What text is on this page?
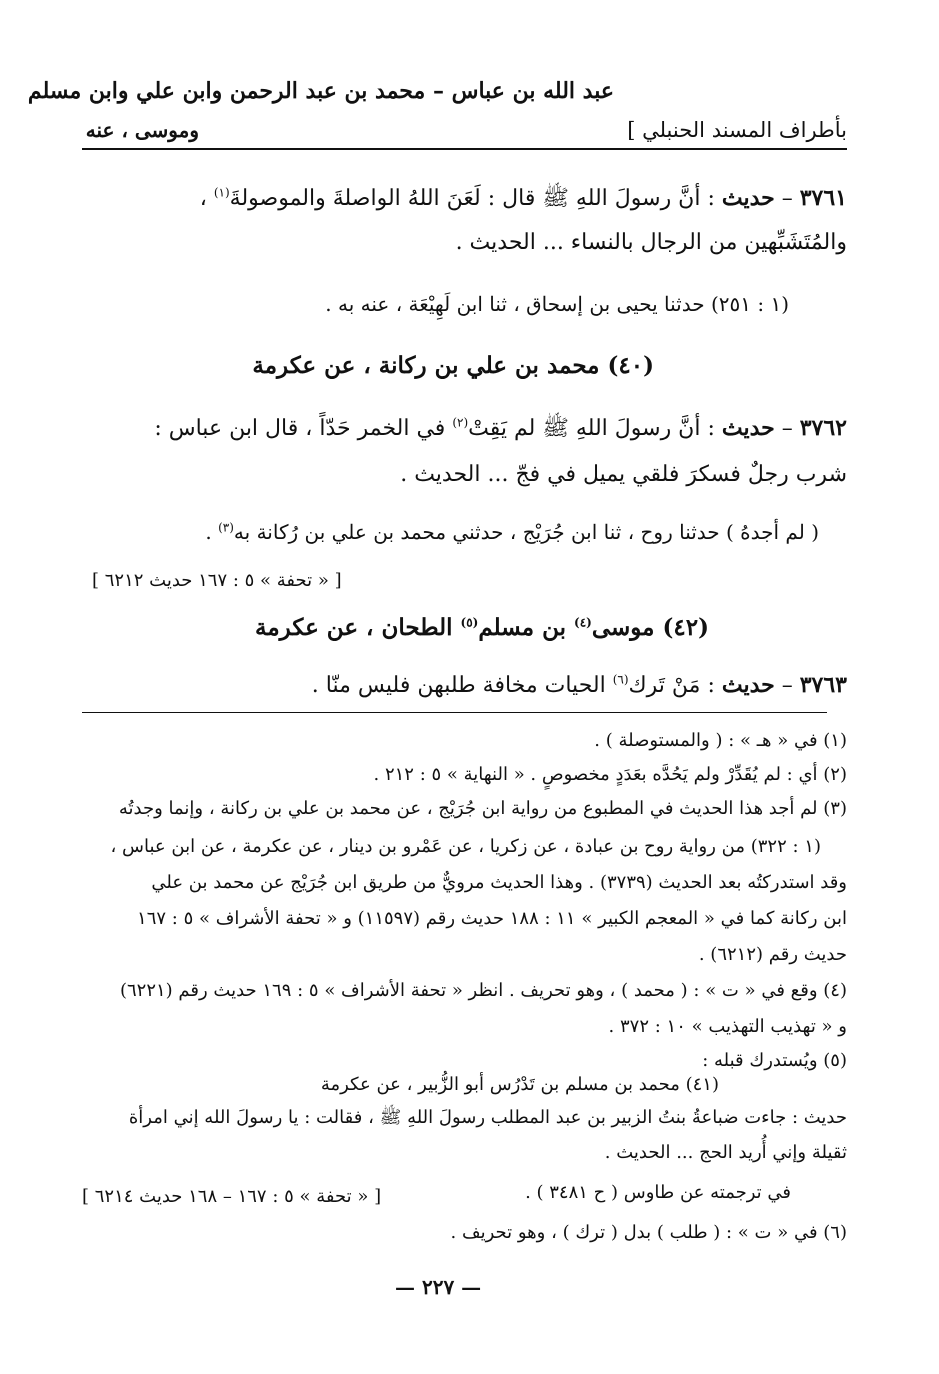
عبد الله بن عباس – محمد بن عبد الرحمن وابن علي وابن مسلم
وموسى ، عنه	بأطراف المسند الحنبلي ]
٣٧٦١ – حديث : أنَّ رسولَ اللهِ ﷺ قال : لَعَنَ اللهُ الواصلةَ والموصولةَ$^{(١)}$ ،
والمُتَشَبِّهين من الرجال بالنساء ... الحديث .
(١ : ٢٥١) حدثنا يحيى بن إسحاق ، ثنا ابن لَهِيْعَة ، عنه به .
(٤٠) محمد بن علي بن ركانة ، عن عكرمة
٣٧٦٢ – حديث : أنَّ رسولَ اللهِ ﷺ لم يَقِتْ$^{(٢)}$ في الخمر حَدّاً ، قال ابن عباس :
شرب رجلٌ فسكرَ فلقي يميل في فجّ ... الحديث .
( لم أجدهُ ) حدثنا روح ، ثنا ابن جُرَيْج ، حدثني محمد بن علي بن رُكانة به$^{(٣)}$ .
[ « تحفة » ٥ : ١٦٧ حديث ٦٢١٢ ]
(٤٢) موسى$^{(٤)}$ بن مسلم$^{(٥)}$ الطحان ، عن عكرمة
٣٧٦٣ – حديث : مَنْ تَرك$^{(٦)}$ الحيات مخافة طلبهن فليس منّا .
(١) في « هـ » : ( والمستوصلة ) .
(٢) أي : لم يُقَدِّرْ ولم يَحُدَّه بعَدَدٍ مخصوصٍ . « النهاية » ٥ : ٢١٢ .
(٣) لم أجد هذا الحديث في المطبوع من رواية ابن جُرَيْج ، عن محمد بن علي بن ركانة ، وإنما وجدتُه
(١ : ٣٢٢) من رواية روح بن عبادة ، عن زكريا ، عن عَمْرو بن دينار ، عن عكرمة ، عن ابن عباس ،
وقد استدركتُه بعد الحديث (٣٧٣٩) . وهذا الحديث مرويٌّ من طريق ابن جُرَيْج عن محمد بن علي
ابن ركانة كما في « المعجم الكبير » ١١ : ١٨٨ حديث رقم (١١٥٩٧) و « تحفة الأشراف » ٥ : ١٦٧
حديث رقم (٦٢١٢) .
(٤) وقع في « ت » : ( محمد ) ، وهو تحريف . انظر « تحفة الأشراف » ٥ : ١٦٩ حديث رقم (٦٢٢١)
و « تهذيب التهذيب » ١٠ : ٣٧٢ .
(٥) ويُستدرك قبله :
(٤١) محمد بن مسلم بن تَدْرُس أبو الزُّبير ، عن عكرمة
حديث : جاءت ضباعةُ بنتُ الزبير بن عبد المطلب رسولَ اللهِ ﷺ ، فقالت : يا رسولَ الله إني امرأة
ثقيلة وإني أُريد الحج ... الحديث .
في ترجمته عن طاوس ( ح ٣٤٨١ ) .
[ « تحفة » ٥ : ١٦٧ – ١٦٨ حديث ٦٢١٤ ]
(٦) في « ت » : ( طلب ) بدل ( ترك ) ، وهو تحريف .
— ٢٢٧ —
